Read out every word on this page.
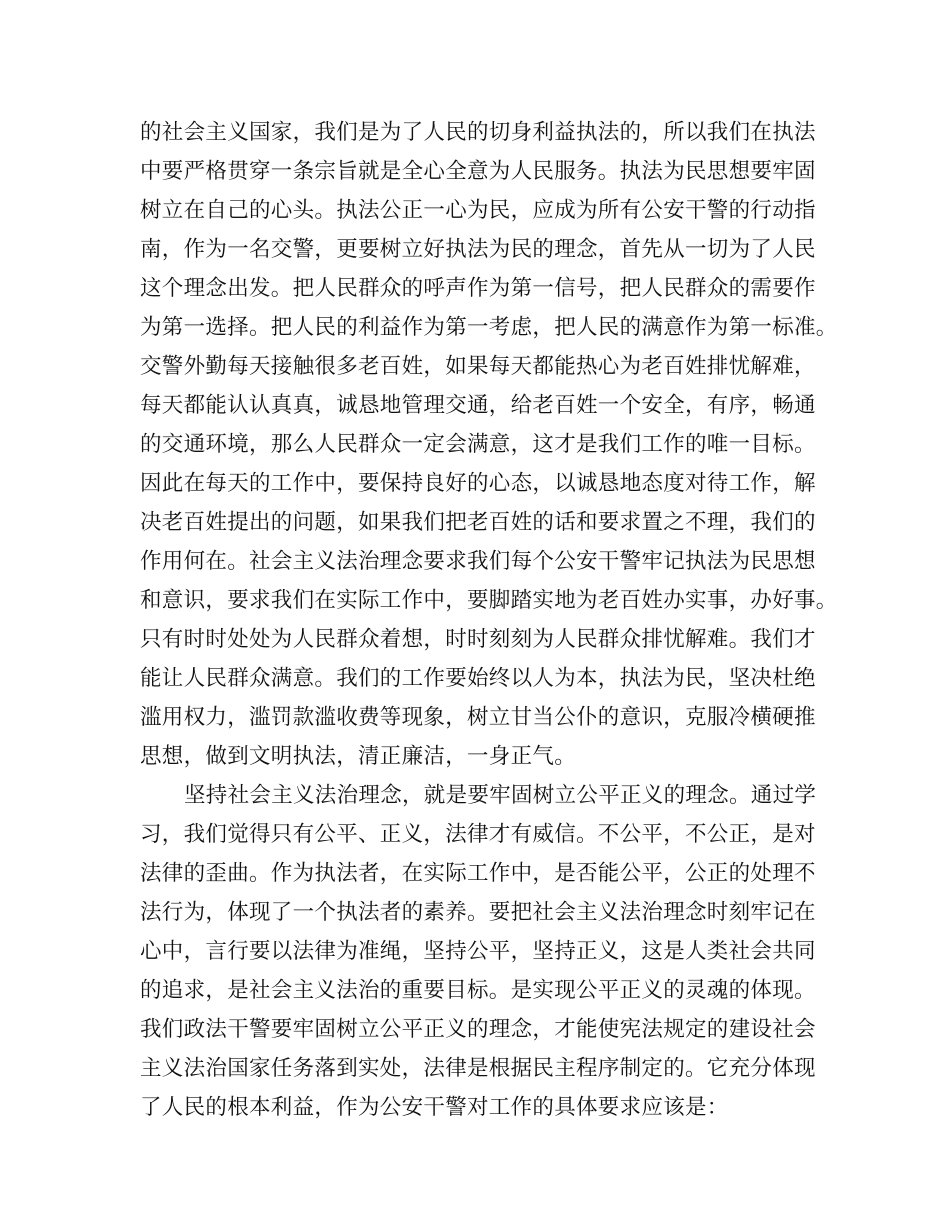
的社会主义国家，我们是为了人民的切身利益执法的，所以我们在执法
中要严格贯穿一条宗旨就是全心全意为人民服务。执法为民思想要牢固
树立在自己的心头。执法公正一心为民，应成为所有公安干警的行动指
南，作为一名交警，更要树立好执法为民的理念，首先从一切为了人民
这个理念出发。把人民群众的呼声作为第一信号，把人民群众的需要作
为第一选择。把人民的利益作为第一考虑，把人民的满意作为第一标准。
交警外勤每天接触很多老百姓，如果每天都能热心为老百姓排忧解难，
每天都能认认真真，诚恳地管理交通，给老百姓一个安全，有序，畅通
的交通环境，那么人民群众一定会满意，这才是我们工作的唯一目标。
因此在每天的工作中，要保持良好的心态，以诚恳地态度对待工作，解
决老百姓提出的问题，如果我们把老百姓的话和要求置之不理，我们的
作用何在。社会主义法治理念要求我们每个公安干警牢记执法为民思想
和意识，要求我们在实际工作中，要脚踏实地为老百姓办实事，办好事。
只有时时处处为人民群众着想，时时刻刻为人民群众排忧解难。我们才
能让人民群众满意。我们的工作要始终以人为本，执法为民，坚决杜绝
滥用权力，滥罚款滥收费等现象，树立甘当公仆的意识，克服冷横硬推
思想，做到文明执法，清正廉洁，一身正气。
坚持社会主义法治理念，就是要牢固树立公平正义的理念。通过学
习，我们觉得只有公平、正义，法律才有威信。不公平，不公正，是对
法律的歪曲。作为执法者，在实际工作中，是否能公平，公正的处理不
法行为，体现了一个执法者的素养。要把社会主义法治理念时刻牢记在
心中，言行要以法律为准绳，坚持公平，坚持正义，这是人类社会共同
的追求，是社会主义法治的重要目标。是实现公平正义的灵魂的体现。
我们政法干警要牢固树立公平正义的理念，才能使宪法规定的建设社会
主义法治国家任务落到实处，法律是根据民主程序制定的。它充分体现
了人民的根本利益，作为公安干警对工作的具体要求应该是：
